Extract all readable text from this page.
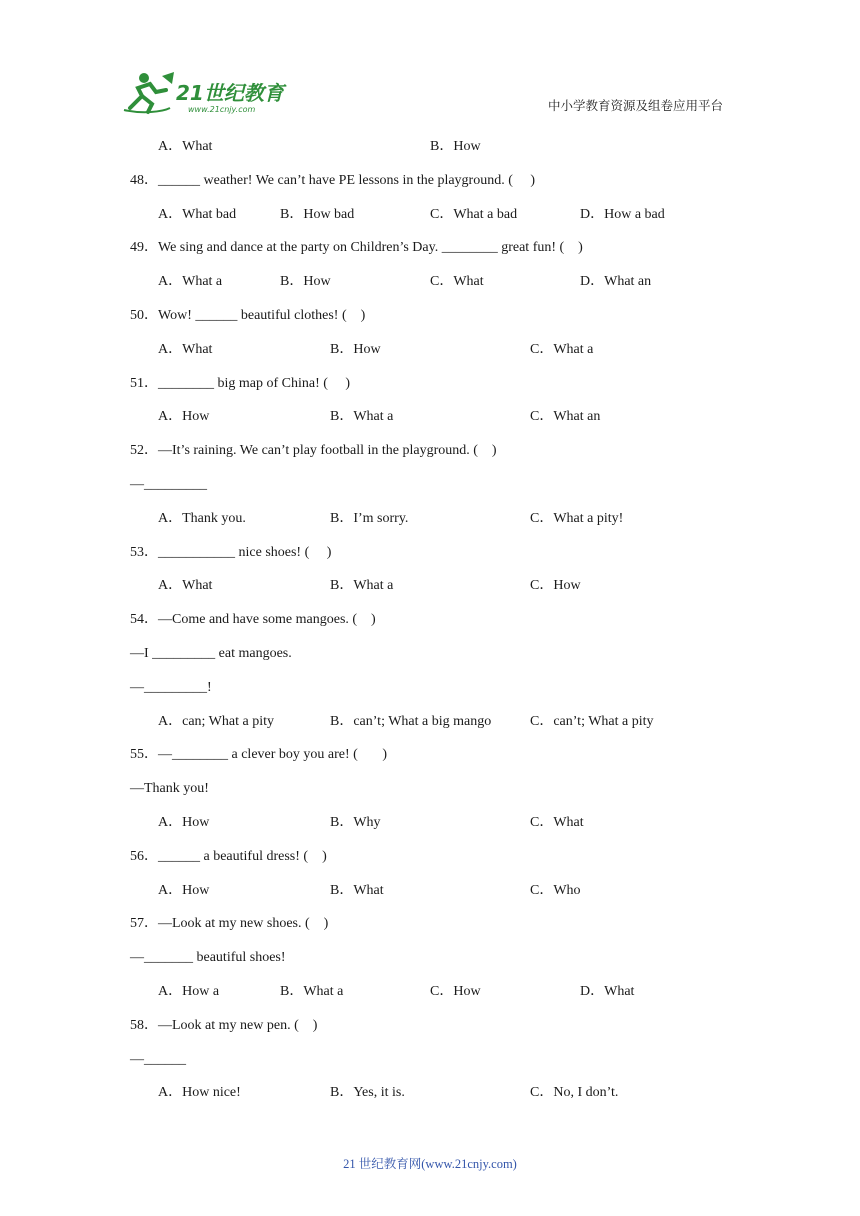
21世纪教育
www.21cnjy.com	中小学教育资源及组卷应用平台
A．What	B．How
48．______ weather! We can’t have PE lessons in the playground. (     )
A．What bad	B．How bad	C．What a bad	D．How a bad
49．We sing and dance at the party on Children’s Day. ________ great fun! (    )
A．What a	B．How	C．What	D．What an
50．Wow! ______ beautiful clothes! (    )
A．What	B．How	C．What a
51．________ big map of China! (     )
A．How	B．What a	C．What an
52．—It’s raining. We can’t play football in the playground. (    )
—_________
A．Thank you.	B．I’m sorry.	C．What a pity!
53．___________ nice shoes! (     )
A．What	B．What a	C．How
54．—Come and have some mangoes. (    )
—I _________ eat mangoes.
—_________!
A．can; What a pity	B．can’t; What a big mango	C．can’t; What a pity
55．—________ a clever boy you are! (       )
—Thank you!
A．How	B．Why	C．What
56．______ a beautiful dress! (    )
A．How	B．What	C．Who
57．—Look at my new shoes. (    )
—_______ beautiful shoes!
A．How a	B．What a	C．How	D．What
58．—Look at my new pen. (    )
—______
A．How nice!	B．Yes, it is.	C．No, I don’t.
21 世纪教育网(www.21cnjy.com)
